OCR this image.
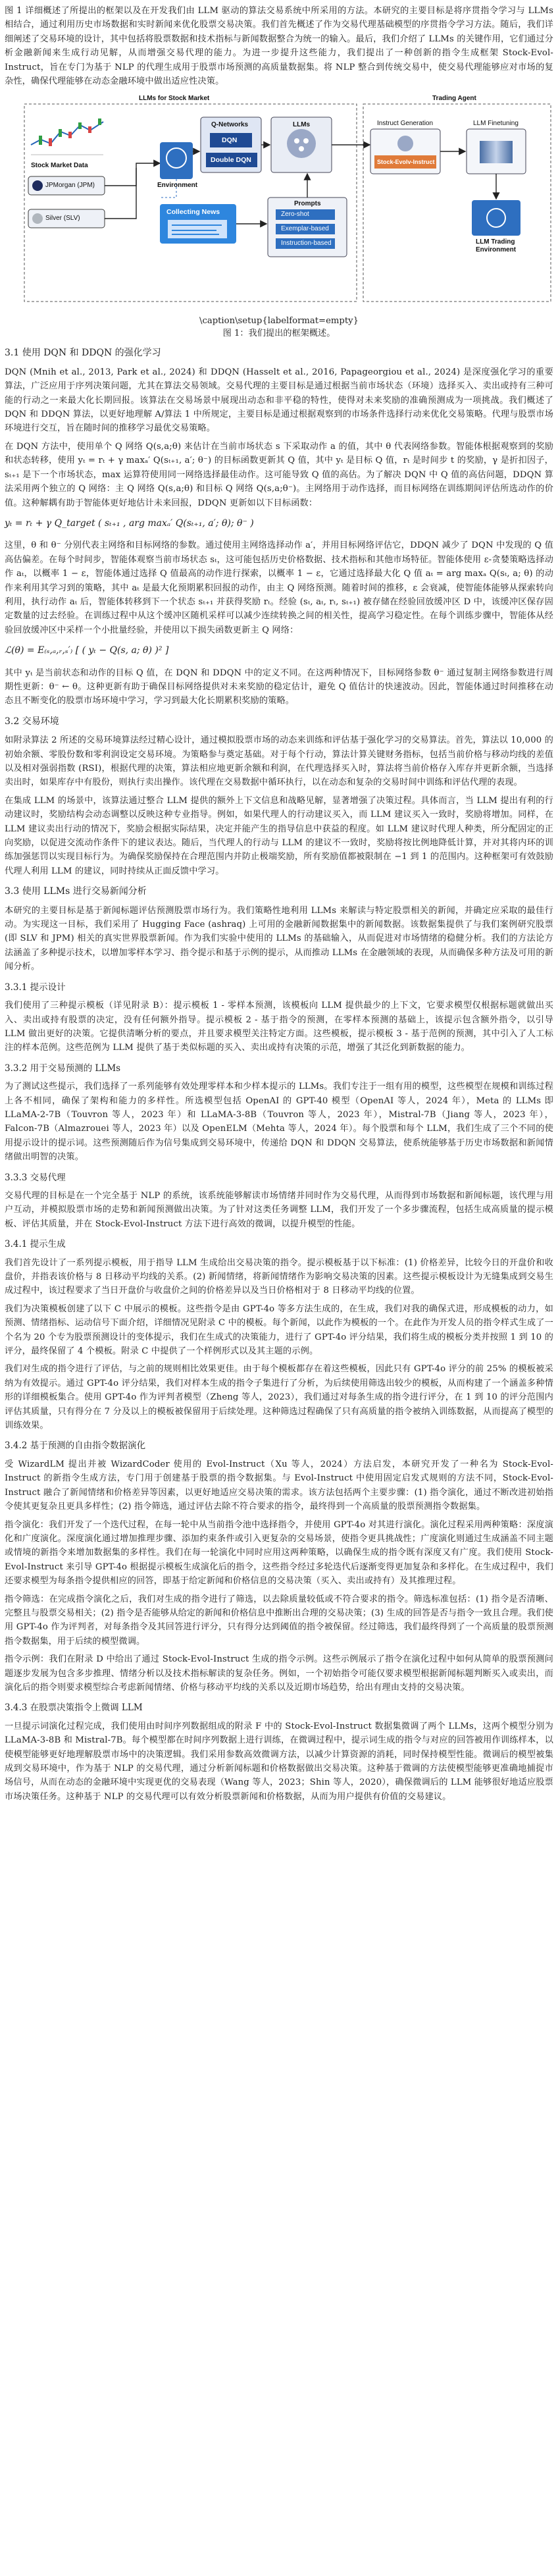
图 1 详细概述了所提出的框架以及在开发我们由 LLM 驱动的算法交易系统中所采用的方法。本研究的主要目标是将序贯指令学习与 LLMs 相结合，通过利用历史市场数据和实时新闻来优化股票交易决策。我们首先概述了作为交易代理基础模型的序贯指令学习方法。随后，我们详细阐述了交易环境的设计，其中包括将股票数据和技术指标与新闻数据整合为统一的输入。最后，我们介绍了 LLMs 的关键作用，它们通过分析金融新闻来生成行动见解，从而增强交易代理的能力。为进一步提升这些能力，我们提出了一种创新的指令生成框架 Stock-Evol-Instruct，旨在专门为基于 NLP 的代理生成用于股票市场预测的高质量数据集。将 NLP 整合到传统交易中，使交易代理能够应对市场的复杂性，确保代理能够在动态金融环境中做出适应性决策。

LLMs for Stock Market	Trading Agent
Stock Market Data
JPMorgan (JPM)
Silver (SLV)
Environment
Q-Networks
DQN
Double DQN
LLMs
Collecting News
Prompts
Zero-shot
Exemplar-based
Instruction-based
Instruct Generation
Stock-Evolv-Instruct
LLM Finetuning
LLM Trading
Environment
\caption\setup{labelformat=empty}
图 1：我们提出的框架概述。
3.1 使用 DQN 和 DDQN 的强化学习

DQN (Mnih et al., 2013, Park et al., 2024) 和 DDQN (Hasselt et al., 2016, Papageorgiou et al., 2024) 是深度强化学习的重要算法，广泛应用于序列决策问题，尤其在算法交易领域。交易代理的主要目标是通过根据当前市场状态（环境）选择买入、卖出或持有三种可能的行动之一来最大化长期回报。该算法在交易场景中展现出动态和非平稳的特性，使得对未来奖励的准确预测成为一项挑战。我们概述了 DQN 和 DDQN 算法，以更好地理解 A/算法 1 中所规定，主要目标是通过根据观察到的市场条件选择行动来优化交易策略。代理与股票市场环境进行交互，旨在随时间的推移学习最优交易策略。

在 DQN 方法中，使用单个 Q 网络 Q(s,a;θ) 来估计在当前市场状态 s 下采取动作 a 的值，其中 θ 代表网络参数。智能体根据观察到的奖励和状态转移，使用 yₜ = rₜ + γ maxₐ′ Q(sₜ₊₁, a′; θ⁻) 的目标函数更新其 Q 值，其中 yₜ 是目标 Q 值，rₜ 是时间步 t 的奖励，γ 是折扣因子，sₜ₊₁ 是下一个市场状态，max 运算符使用同一网络选择最佳动作。这可能导致 Q 值的高估。为了解决 DQN 中 Q 值的高估问题，DDQN 算法采用两个独立的 Q 网络：主 Q 网络 Q(s,a;θ) 和目标 Q 网络 Q(s,a;θ⁻)。主网络用于动作选择，而目标网络在训练期间评估所选动作的价值。这种解耦有助于智能体更好地估计未来回报，DDQN 更新如以下目标函数：

yₜ = rₜ + γ Q_target ( sₜ₊₁ , arg maxₐ′ Q(sₜ₊₁, a′; θ); θ⁻ )

这里，θ 和 θ⁻ 分别代表主网络和目标网络的参数。通过使用主网络选择动作 a′，并用目标网络评估它，DDQN 减少了 DQN 中发现的 Q 值高估偏差。在每个时间步，智能体观察当前市场状态 sₜ，这可能包括历史价格数据、技术指标和其他市场特征。智能体使用 ε-贪婪策略选择动作 aₜ，以概率 1 − ε，智能体通过选择 Q 值最高的动作进行探索，以概率 1 − ε，它通过选择最大化 Q 值 aₜ = arg maxₐ Q(sₜ, a; θ) 的动作来利用其学习到的策略，其中 aₜ 是最大化预期累积回报的动作，由主 Q 网络预测。随着时间的推移，ε 会衰减，使智能体能够从探索转向利用，执行动作 aₜ 后，智能体转移到下一个状态 sₜ₊₁ 并获得奖励 rₜ。经验 (sₜ, aₜ, rₜ, sₜ₊₁) 被存储在经验回放缓冲区 D 中，该缓冲区保存固定数量的过去经验。在训练过程中从这个缓冲区随机采样可以减少连续转换之间的相关性，提高学习稳定性。在每个训练步骤中，智能体从经验回放缓冲区中采样一个小批量经验，并使用以下损失函数更新主 Q 网络：

ℒ(θ) = E₍ₛ,ₐ,ᵣ,ₛ′₎ [ ( yₜ − Q(s, a; θ) )² ]

其中 yₜ 是当前状态和动作的目标 Q 值，在 DQN 和 DDQN 中的定义不同。在这两种情况下，目标网络参数 θ⁻ 通过复制主网络参数进行周期性更新：θ⁻ ← θ。这种更新有助于确保目标网络提供对未来奖励的稳定估计，避免 Q 值估计的快速波动。因此，智能体通过时间推移在动态且不断变化的股票市场环境中学习，学习到最大化长期累积奖励的策略。

3.2 交易环境

如附录算法 2 所述的交易环境算法经过精心设计，通过模拟股票市场的动态来训练和评估基于强化学习的交易算法。首先，算法以 10,000 的初始余额、零股份数和零利润设定交易环境。为策略参与奠定基础。对于每个行动，算法计算关键财务指标，包括当前价格与移动均线的差值以及相对强弱指数 (RSI)，根据代理的决策，算法相应地更新余额和利润，在代理选择买入时，算法将当前价格存入库存并更新余额，当选择卖出时，如果库存中有股份，则执行卖出操作。该代理在交易数据中循环执行，以在动态和复杂的交易时间中训练和评估代理的表现。

在集成 LLM 的场景中，该算法通过整合 LLM 提供的额外上下文信息和战略见解，显著增强了决策过程。具体而言，当 LLM 提出有利的行动建议时，奖励结构会动态调整以反映这种专业指导。例如，如果代理人的行动建议买入，而 LLM 建议买入一致时，奖励将增加。同样，在 LLM 建议卖出行动的情况下，奖励会根据实际结果，决定并能产生的指导信息中获益的程度。如 LLM 建议时代理人种类，所分配固定的正向奖励，以促进交流动作条件下的建议表达。随后，当代理人的行动与 LLM 的建议不一致时，奖励将按比例地降低计算，并对其将内环的训练加强惩罚以实现目标行为。为确保奖励保持在合理范围内并防止极端奖励，所有奖励值都被限制在 −1 到 1 的范围内。这种框架可有效鼓励代理人利用 LLM 的建议，同时持续从正面反馈中学习。

3.3 使用 LLMs 进行交易新闻分析

本研究的主要目标是基于新闻标题评估预测股票市场行为。我们策略性地利用 LLMs 来解读与特定股票相关的新闻，并确定应采取的最佳行动。为实现这一目标，我们采用了 Hugging Face (ashraq) 上可用的金融新闻数据集中的新闻数据。该数据集提供了与我们案例研究股票 (即 SLV 和 JPM) 相关的真实世界股票新闻。作为我们实验中使用的 LLMs 的基础输入，从而促进对市场情绪的稳健分析。我们的方法论方法涵盖了多种提示技术，以增加零样本学习、指令提示和基于示例的提示，从而推动 LLMs 在金融领域的表现，从而确保多种方法及可用的新闻分析。

3.3.1 提示设计

我们使用了三种提示模板（详见附录 B）：提示模板 1 - 零样本预测，该模板向 LLM 提供最少的上下文，它要求模型仅根据标题就做出买入、卖出或持有股票的决定，没有任何额外指导。提示模板 2 - 基于指令的预测，在零样本预测的基础上，该提示包含额外指令，以引导 LLM 做出更好的决策。它提供清晰分析的要点，并且要求模型关注特定方面。这些模板，提示模板 3 - 基于范例的预测，其中引入了人工标注的样本范例。这些范例为 LLM 提供了基于类似标题的买入、卖出或持有决策的示范，增强了其泛化到新数据的能力。

3.3.2 用于交易预测的 LLMs

为了测试这些提示，我们选择了一系列能够有效处理零样本和少样本提示的 LLMs。我们专注于一组有用的模型，这些模型在规模和训练过程上各不相同，确保了架构和能力的多样性。所选模型包括 OpenAI 的 GPT-40 模型（OpenAI 等人，2024 年），Meta 的 LLMs 即 LLaMA-2-7B（Touvron 等人，2023 年）和 LLaMA-3-8B（Touvron 等人，2023 年），Mistral-7B（Jiang 等人，2023 年），Falcon-7B（Almazrouei 等人，2023 年）以及 OpenELM（Mehta 等人，2024 年）。每个股票和每个 LLM，我们生成了三个不同的使用提示设计的提示词。这些预测随后作为信号集成到交易环境中，传递给 DQN 和 DDQN 交易算法，使系统能够基于历史市场数据和新闻情绪做出明智的决策。

3.3.3 交易代理

交易代理的目标是在一个完全基于 NLP 的系统，该系统能够解读市场情绪并同时作为交易代理，从而得到市场数据和新闻标题，该代理与用户互动，并模拟股票市场的走势和新闻预测做出决策。为了针对这类任务调整 LLM，我们开发了一个多步骤流程，包括生成高质量的提示模板、评估其质量，并在 Stock-Evol-Instruct 方法下进行高效的微调，以提升模型的性能。

3.4.1 提示生成

我们首先设计了一系列提示模板，用于指导 LLM 生成给出交易决策的指令。提示模板基于以下标准：(1) 价格差异，比较今日的开盘价和收盘价，并指表该价格与 8 日移动平均线的关系。(2) 新闻情绪，将新闻情绪作为影响交易决策的因素。这些提示模板设计为无缝集成到交易生成过程中，该过程要求了当日开盘价与收盘价之间的价格差异以及当日价格相对于 8 日移动平均线的位置。

我们为决策模板创建了以下 C 中展示的模板。这些指令是由 GPT-4o 等多方法生成的，在生成，我们对我的确保式进，形成模板的动力，如预测、情绪指标、运动信号下面介绍，详细情况见附录 C 中的模板。每个新闻，以此作为模板的一个。在此作为开发人员的指令样式生成了一个名为 20 个专为股票预测设计的变体提示，我们在生成式的决策能力，进行了 GPT-4o 评分结果，我们将生成的模板分类并按照 1 到 10 的评分，最终保留了 4 个模板。附录 C 中提供了一个样例形式以及其主题的示例。

我们对生成的指令进行了评估，与之前的规则相比效果更佳。由于每个模板都存在着这些模板，因此只有 GPT-4o 评分的前 25% 的模板被采纳为有效提示。通过 GPT-4o 评分结果，我们对样本生成的指令子集进行了分析，为后续使用筛选出较少的模板，从而构建了一个涵盖多种情形的详细模板集合。使用 GPT-4o 作为评判者模型（Zheng 等人，2023），我们通过对每条生成的指令进行评分，在 1 到 10 的评分范围内评估其质量，只有得分在 7 分及以上的模板被保留用于后续处理。这种筛选过程确保了只有高质量的指令被纳入训练数据，从而提高了模型的训练效果。

3.4.2 基于预测的自由指令数据演化

受 WizardLM 提出并被 WizardCoder 使用的 Evol-Instruct（Xu 等人，2024）方法启发，本研究开发了一种名为 Stock-Evol-Instruct 的新指令生成方法，专门用于创建基于股票的指令数据集。与 Evol-Instruct 中使用固定启发式规则的方法不同，Stock-Evol-Instruct 融合了新闻情绪和价格差异等因素，以更好地适应交易决策的需求。该方法包括两个主要步骤：(1) 指令演化，通过不断改进初始指令使其更复杂且更具多样性；(2) 指令筛选，通过评估去除不符合要求的指令，最终得到一个高质量的股票预测指令数据集。

指令演化：我们开发了一个迭代过程，在每一轮中从当前指令池中选择指令，并使用 GPT-4o 对其进行演化。演化过程采用两种策略：深度演化和广度演化。深度演化通过增加推理步骤、添加约束条件或引入更复杂的交易场景，使指令更具挑战性；广度演化则通过生成涵盖不同主题或情境的新指令来增加数据集的多样性。我们在每一轮演化中同时应用这两种策略，以确保生成的指令既有深度又有广度。我们使用 Stock-Evol-Instruct 来引导 GPT-4o 根据提示模板生成演化后的指令，这些指令经过多轮迭代后逐渐变得更加复杂和多样化。在生成过程中，我们还要求模型为每条指令提供相应的回答，即基于给定新闻和价格信息的交易决策（买入、卖出或持有）及其推理过程。

指令筛选：在完成指令演化之后，我们对生成的指令进行了筛选，以去除质量较低或不符合要求的指令。筛选标准包括：(1) 指令是否清晰、完整且与股票交易相关；(2) 指令是否能够从给定的新闻和价格信息中推断出合理的交易决策；(3) 生成的回答是否与指令一致且合理。我们使用 GPT-4o 作为评判者，对每条指令及其回答进行评分，只有得分达到阈值的指令被保留。经过筛选，我们最终得到了一个高质量的股票预测指令数据集，用于后续的模型微调。

指令示例：我们在附录 D 中给出了通过 Stock-Evol-Instruct 生成的指令示例。这些示例展示了指令在演化过程中如何从简单的股票预测问题逐步发展为包含多步推理、情绪分析以及技术指标解读的复杂任务。例如，一个初始指令可能仅要求模型根据新闻标题判断买入或卖出，而演化后的指令则要求模型综合考虑新闻情绪、价格与移动平均线的关系以及近期市场趋势，给出有理由支持的交易决策。

3.4.3 在股票决策指令上微调 LLM

一旦提示词演化过程完成，我们使用由时间序列数据组成的附录 F 中的 Stock-Evol-Instruct 数据集微调了两个 LLMs，这两个模型分别为 LLaMA-3-8B 和 Mistral-7B。每个模型都在时间序列数据上进行训练，在微调过程中，提示词生成的指令与对应的回答被用作训练样本，以使模型能够更好地理解股票市场中的决策逻辑。我们采用参数高效微调方法，以减少计算资源的消耗，同时保持模型性能。微调后的模型被集成到交易环境中，作为基于 NLP 的交易代理，通过分析新闻标题和价格数据做出交易决策。这种基于微调的方法使模型能够更准确地捕捉市场信号，从而在动态的金融环境中实现更优的交易表现（Wang 等人，2023；Shin 等人，2020），确保微调后的 LLM 能够很好地适应股票市场决策任务。这种基于 NLP 的交易代理可以有效分析股票新闻和价格数据，从而为用户提供有价值的交易建议。
